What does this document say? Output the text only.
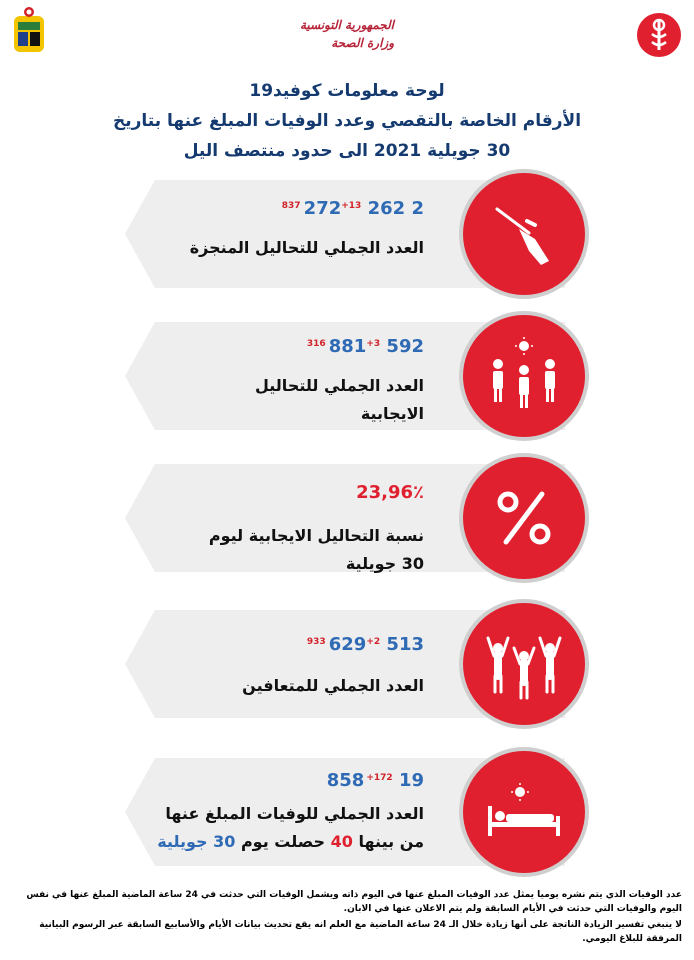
الجمهورية التونسية
وزارة الصحة
لوحة معلومات كوفيد19
الأرقام الخاصة بالتقصي وعدد الوفيات المبلغ عنها بتاريخ
30 جويلية 2021 الى حدود منتصف اليل
2 262 $272^{+13 837}$
العدد الجملي للتحاليل المنجزة
592 $881^{+3 316}$
العدد الجملي للتحاليل
الايجابية
23,96٪
نسبة التحاليل الايجابية ليوم
30 جويلية
513 $629^{+2 933}$
العدد الجملي للمتعافين
19 $858^{+172}$
العدد الجملي للوفيات المبلغ عنها
من بينها 40 حصلت يوم 30 جويلية
عدد الوفيات الذي يتم نشره يوميا يمثل عدد الوفيات المبلغ عنها في اليوم ذاته ويشمل الوفيات التي حدثت في 24 ساعة الماضية المبلغ عنها في نفس اليوم والوفيات التي حدثت في الأيام السابقة ولم يتم الاعلان عنها في الابان.
لا ينبغي تفسير الزيادة الناتجة على أنها زيادة خلال الـ 24 ساعة الماضية مع العلم انه يقع تحديث بيانات الأيام والأسابيع السابقة عبر الرسوم البيانية المرفقة للبلاغ اليومي.
